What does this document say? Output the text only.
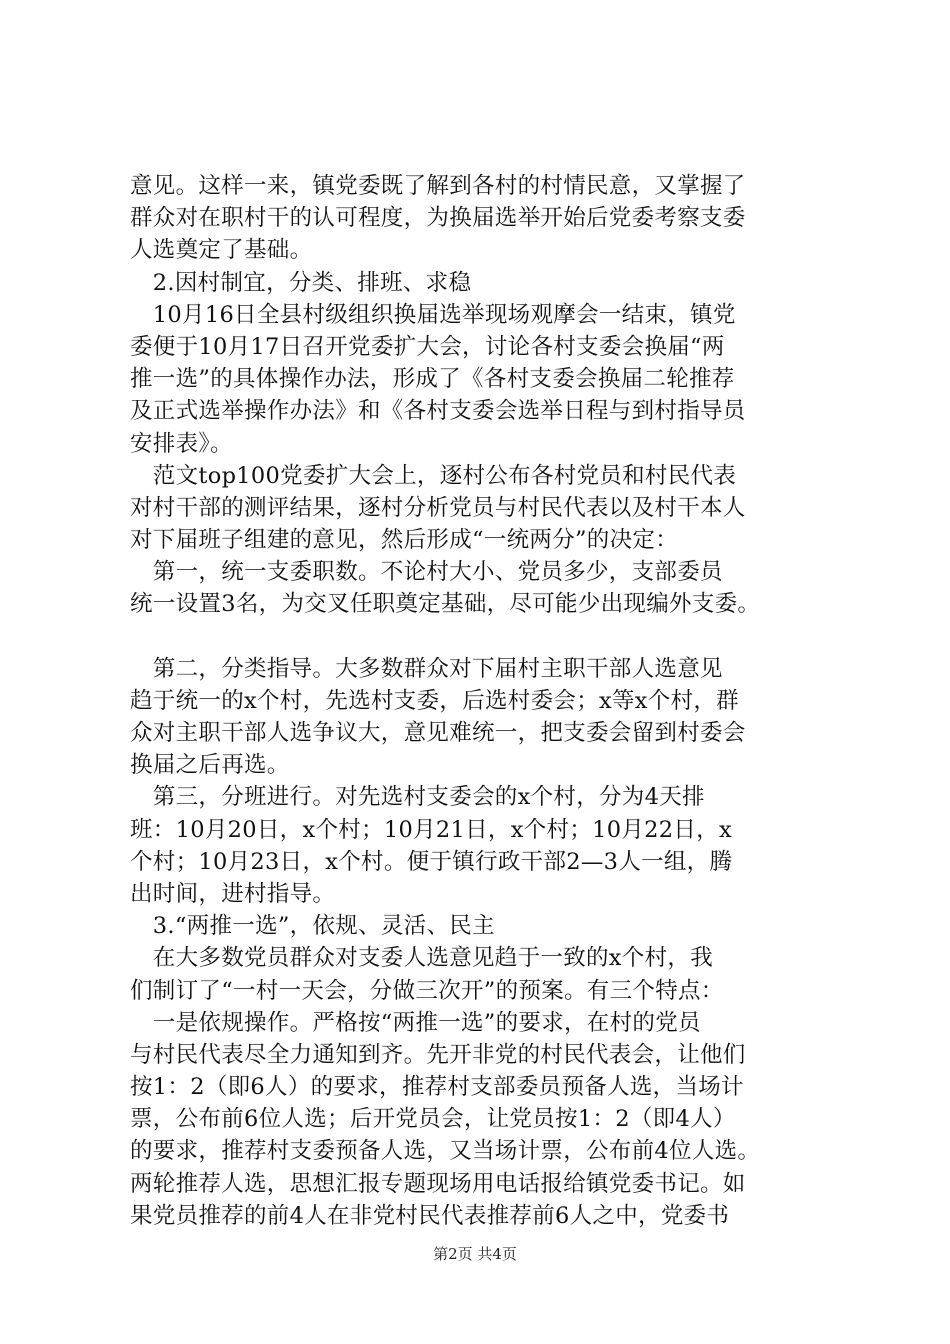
意见。这样一来，镇党委既了解到各村的村情民意，又掌握了
群众对在职村干的认可程度，为换届选举开始后党委考察支委
人选奠定了基础。
　2.因村制宜，分类、排班、求稳
　10月16日全县村级组织换届选举现场观摩会一结束，镇党
委便于10月17日召开党委扩大会，讨论各村支委会换届“两
推一选”的具体操作办法，形成了《各村支委会换届二轮推荐
及正式选举操作办法》和《各村支委会选举日程与到村指导员
安排表》。
　范文top100党委扩大会上，逐村公布各村党员和村民代表
对村干部的测评结果，逐村分析党员与村民代表以及村干本人
对下届班子组建的意见，然后形成“一统两分”的决定：
　第一，统一支委职数。不论村大小、党员多少，支部委员
统一设置3名，为交叉任职奠定基础，尽可能少出现编外支委。
　第二，分类指导。大多数群众对下届村主职干部人选意见
趋于统一的x个村，先选村支委，后选村委会；x等x个村，群
众对主职干部人选争议大，意见难统一，把支委会留到村委会
换届之后再选。
　第三，分班进行。对先选村支委会的x个村，分为4天排
班：10月20日，x个村；10月21日，x个村；10月22日，x
个村；10月23日，x个村。便于镇行政干部2—3人一组，腾
出时间，进村指导。
　3.“两推一选”，依规、灵活、民主
　在大多数党员群众对支委人选意见趋于一致的x个村，我
们制订了“一村一天会，分做三次开”的预案。有三个特点：
　一是依规操作。严格按“两推一选”的要求，在村的党员
与村民代表尽全力通知到齐。先开非党的村民代表会，让他们
按1：2（即6人）的要求，推荐村支部委员预备人选，当场计
票，公布前6位人选；后开党员会，让党员按1：2（即4人）
的要求，推荐村支委预备人选，又当场计票，公布前4位人选。
两轮推荐人选，思想汇报专题现场用电话报给镇党委书记。如
果党员推荐的前4人在非党村民代表推荐前6人之中，党委书
第2页 共4页
